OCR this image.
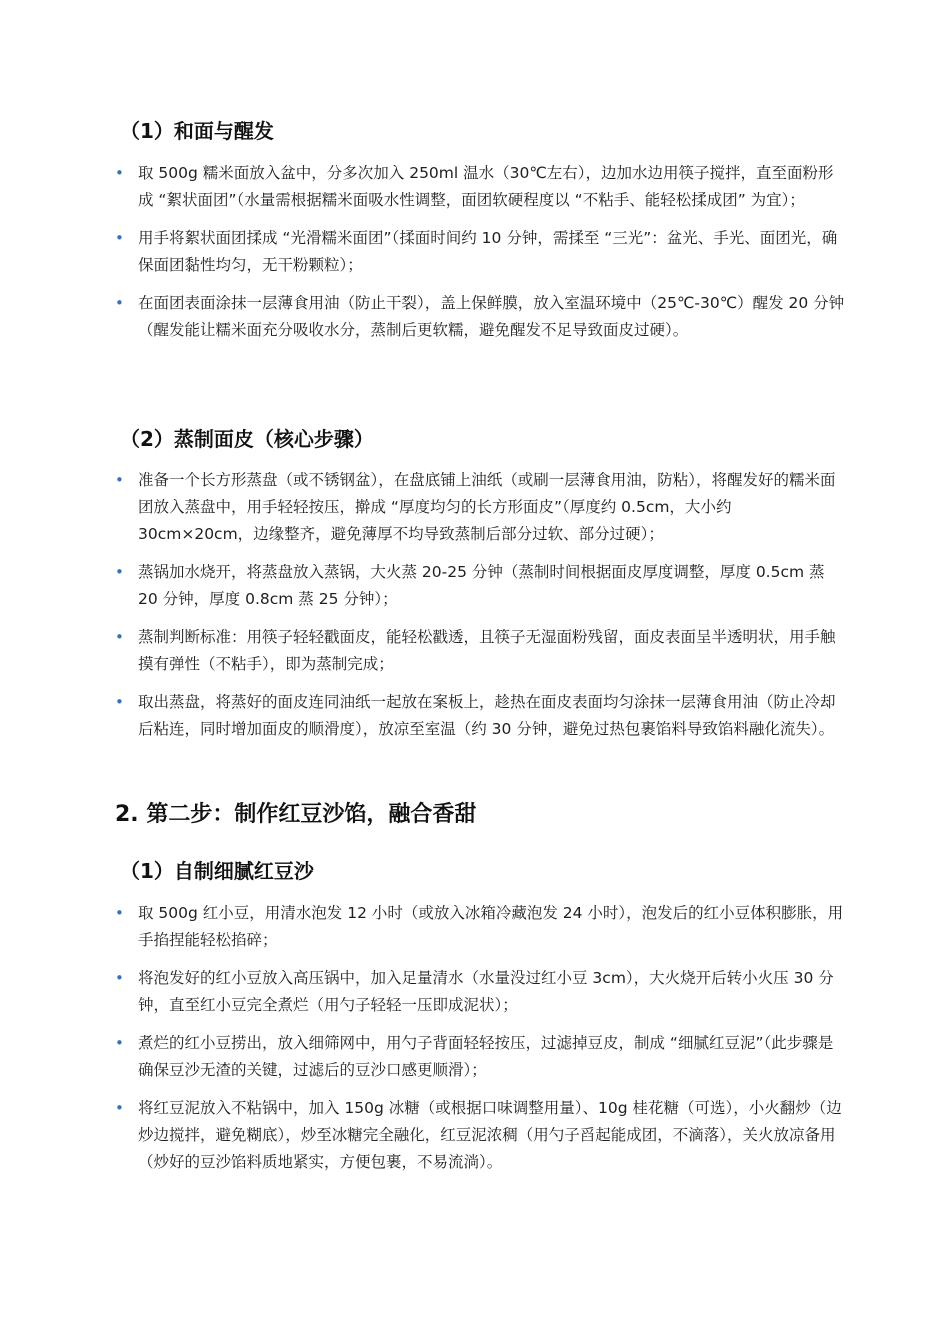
（1）和面与醒发
• 取 500g 糯米面放入盆中，分多次加入 250ml 温水（30℃左右），边加水边用筷子搅拌，直至面粉形成 “絮状面团”（水量需根据糯米面吸水性调整，面团软硬程度以 “不粘手、能轻松揉成团” 为宜）；
• 用手将絮状面团揉成 “光滑糯米面团”（揉面时间约 10 分钟，需揉至 “三光”：盆光、手光、面团光，确保面团黏性均匀，无干粉颗粒）；
• 在面团表面涂抹一层薄食用油（防止干裂），盖上保鲜膜，放入室温环境中（25℃-30℃）醒发 20 分钟（醒发能让糯米面充分吸收水分，蒸制后更软糯，避免醒发不足导致面皮过硬）。
（2）蒸制面皮（核心步骤）
• 准备一个长方形蒸盘（或不锈钢盆），在盘底铺上油纸（或刷一层薄食用油，防粘），将醒发好的糯米面团放入蒸盘中，用手轻轻按压，擀成 “厚度均匀的长方形面皮”（厚度约 0.5cm，大小约 30cm×20cm，边缘整齐，避免薄厚不均导致蒸制后部分过软、部分过硬）；
• 蒸锅加水烧开，将蒸盘放入蒸锅，大火蒸 20-25 分钟（蒸制时间根据面皮厚度调整，厚度 0.5cm 蒸 20 分钟，厚度 0.8cm 蒸 25 分钟）；
• 蒸制判断标准：用筷子轻轻戳面皮，能轻松戳透，且筷子无湿面粉残留，面皮表面呈半透明状，用手触摸有弹性（不粘手），即为蒸制完成；
• 取出蒸盘，将蒸好的面皮连同油纸一起放在案板上，趁热在面皮表面均匀涂抹一层薄食用油（防止冷却后粘连，同时增加面皮的顺滑度），放凉至室温（约 30 分钟，避免过热包裹馅料导致馅料融化流失）。
2. 第二步：制作红豆沙馅，融合香甜
（1）自制细腻红豆沙
• 取 500g 红小豆，用清水泡发 12 小时（或放入冰箱冷藏泡发 24 小时），泡发后的红小豆体积膨胀，用手掐捏能轻松掐碎；
• 将泡发好的红小豆放入高压锅中，加入足量清水（水量没过红小豆 3cm），大火烧开后转小火压 30 分钟，直至红小豆完全煮烂（用勺子轻轻一压即成泥状）；
• 煮烂的红小豆捞出，放入细筛网中，用勺子背面轻轻按压，过滤掉豆皮，制成 “细腻红豆泥”（此步骤是确保豆沙无渣的关键，过滤后的豆沙口感更顺滑）；
• 将红豆泥放入不粘锅中，加入 150g 冰糖（或根据口味调整用量）、10g 桂花糖（可选），小火翻炒（边炒边搅拌，避免糊底），炒至冰糖完全融化，红豆泥浓稠（用勺子舀起能成团，不滴落），关火放凉备用（炒好的豆沙馅料质地紧实，方便包裹，不易流淌）。
